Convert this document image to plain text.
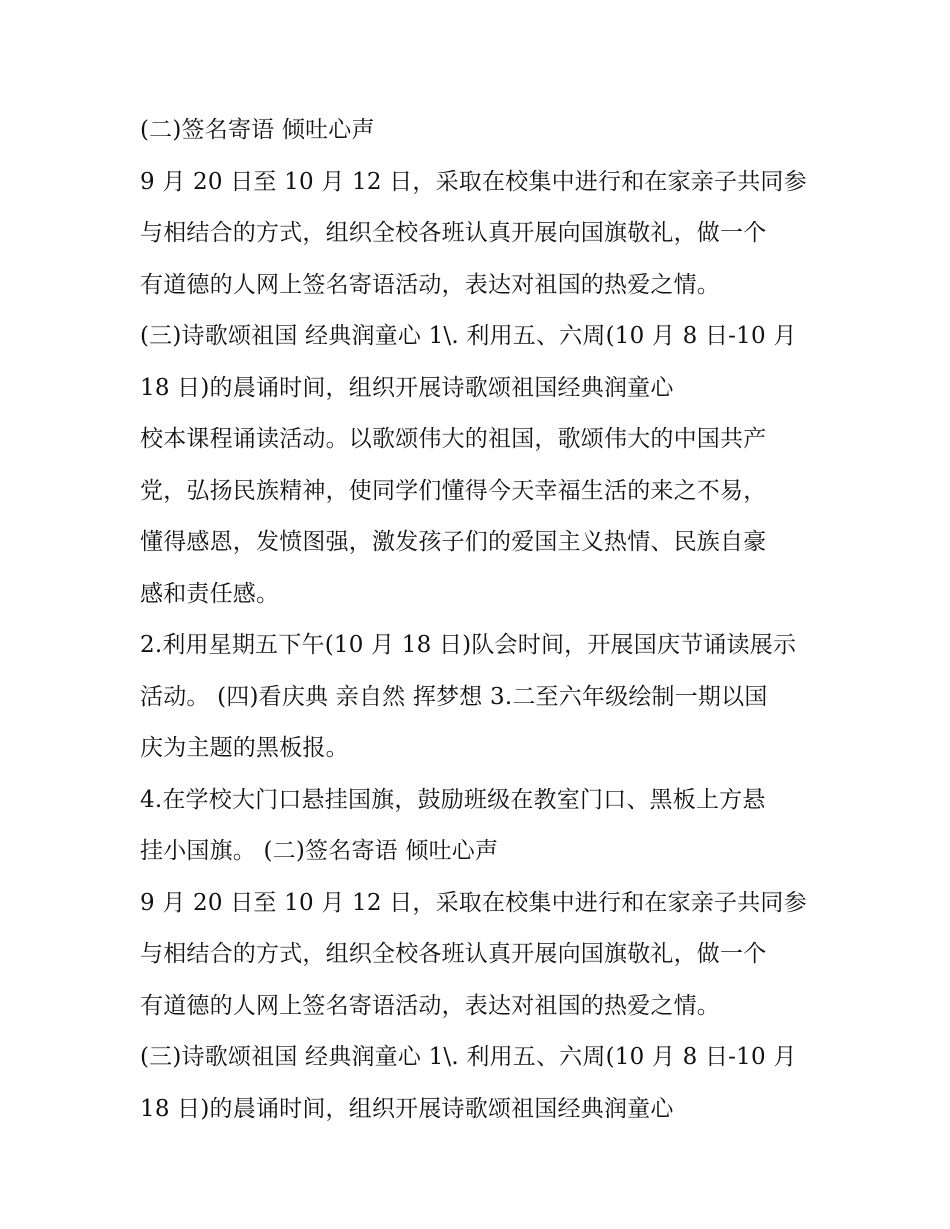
(二)签名寄语 倾吐心声
9 月 20 日至 10 月 12 日，采取在校集中进行和在家亲子共同参
与相结合的方式，组织全校各班认真开展向国旗敬礼，做一个
有道德的人网上签名寄语活动，表达对祖国的热爱之情。
(三)诗歌颂祖国 经典润童心 1\. 利用五、六周(10 月 8 日-10 月
18 日)的晨诵时间，组织开展诗歌颂祖国经典润童心
校本课程诵读活动。以歌颂伟大的祖国，歌颂伟大的中国共产
党，弘扬民族精神，使同学们懂得今天幸福生活的来之不易，
懂得感恩，发愤图强，激发孩子们的爱国主义热情、民族自豪
感和责任感。
2.利用星期五下午(10 月 18 日)队会时间，开展国庆节诵读展示
活动。 (四)看庆典 亲自然 挥梦想 3.二至六年级绘制一期以国
庆为主题的黑板报。
4.在学校大门口悬挂国旗，鼓励班级在教室门口、黑板上方悬
挂小国旗。 (二)签名寄语 倾吐心声
9 月 20 日至 10 月 12 日，采取在校集中进行和在家亲子共同参
与相结合的方式，组织全校各班认真开展向国旗敬礼，做一个
有道德的人网上签名寄语活动，表达对祖国的热爱之情。
(三)诗歌颂祖国 经典润童心 1\. 利用五、六周(10 月 8 日-10 月
18 日)的晨诵时间，组织开展诗歌颂祖国经典润童心
